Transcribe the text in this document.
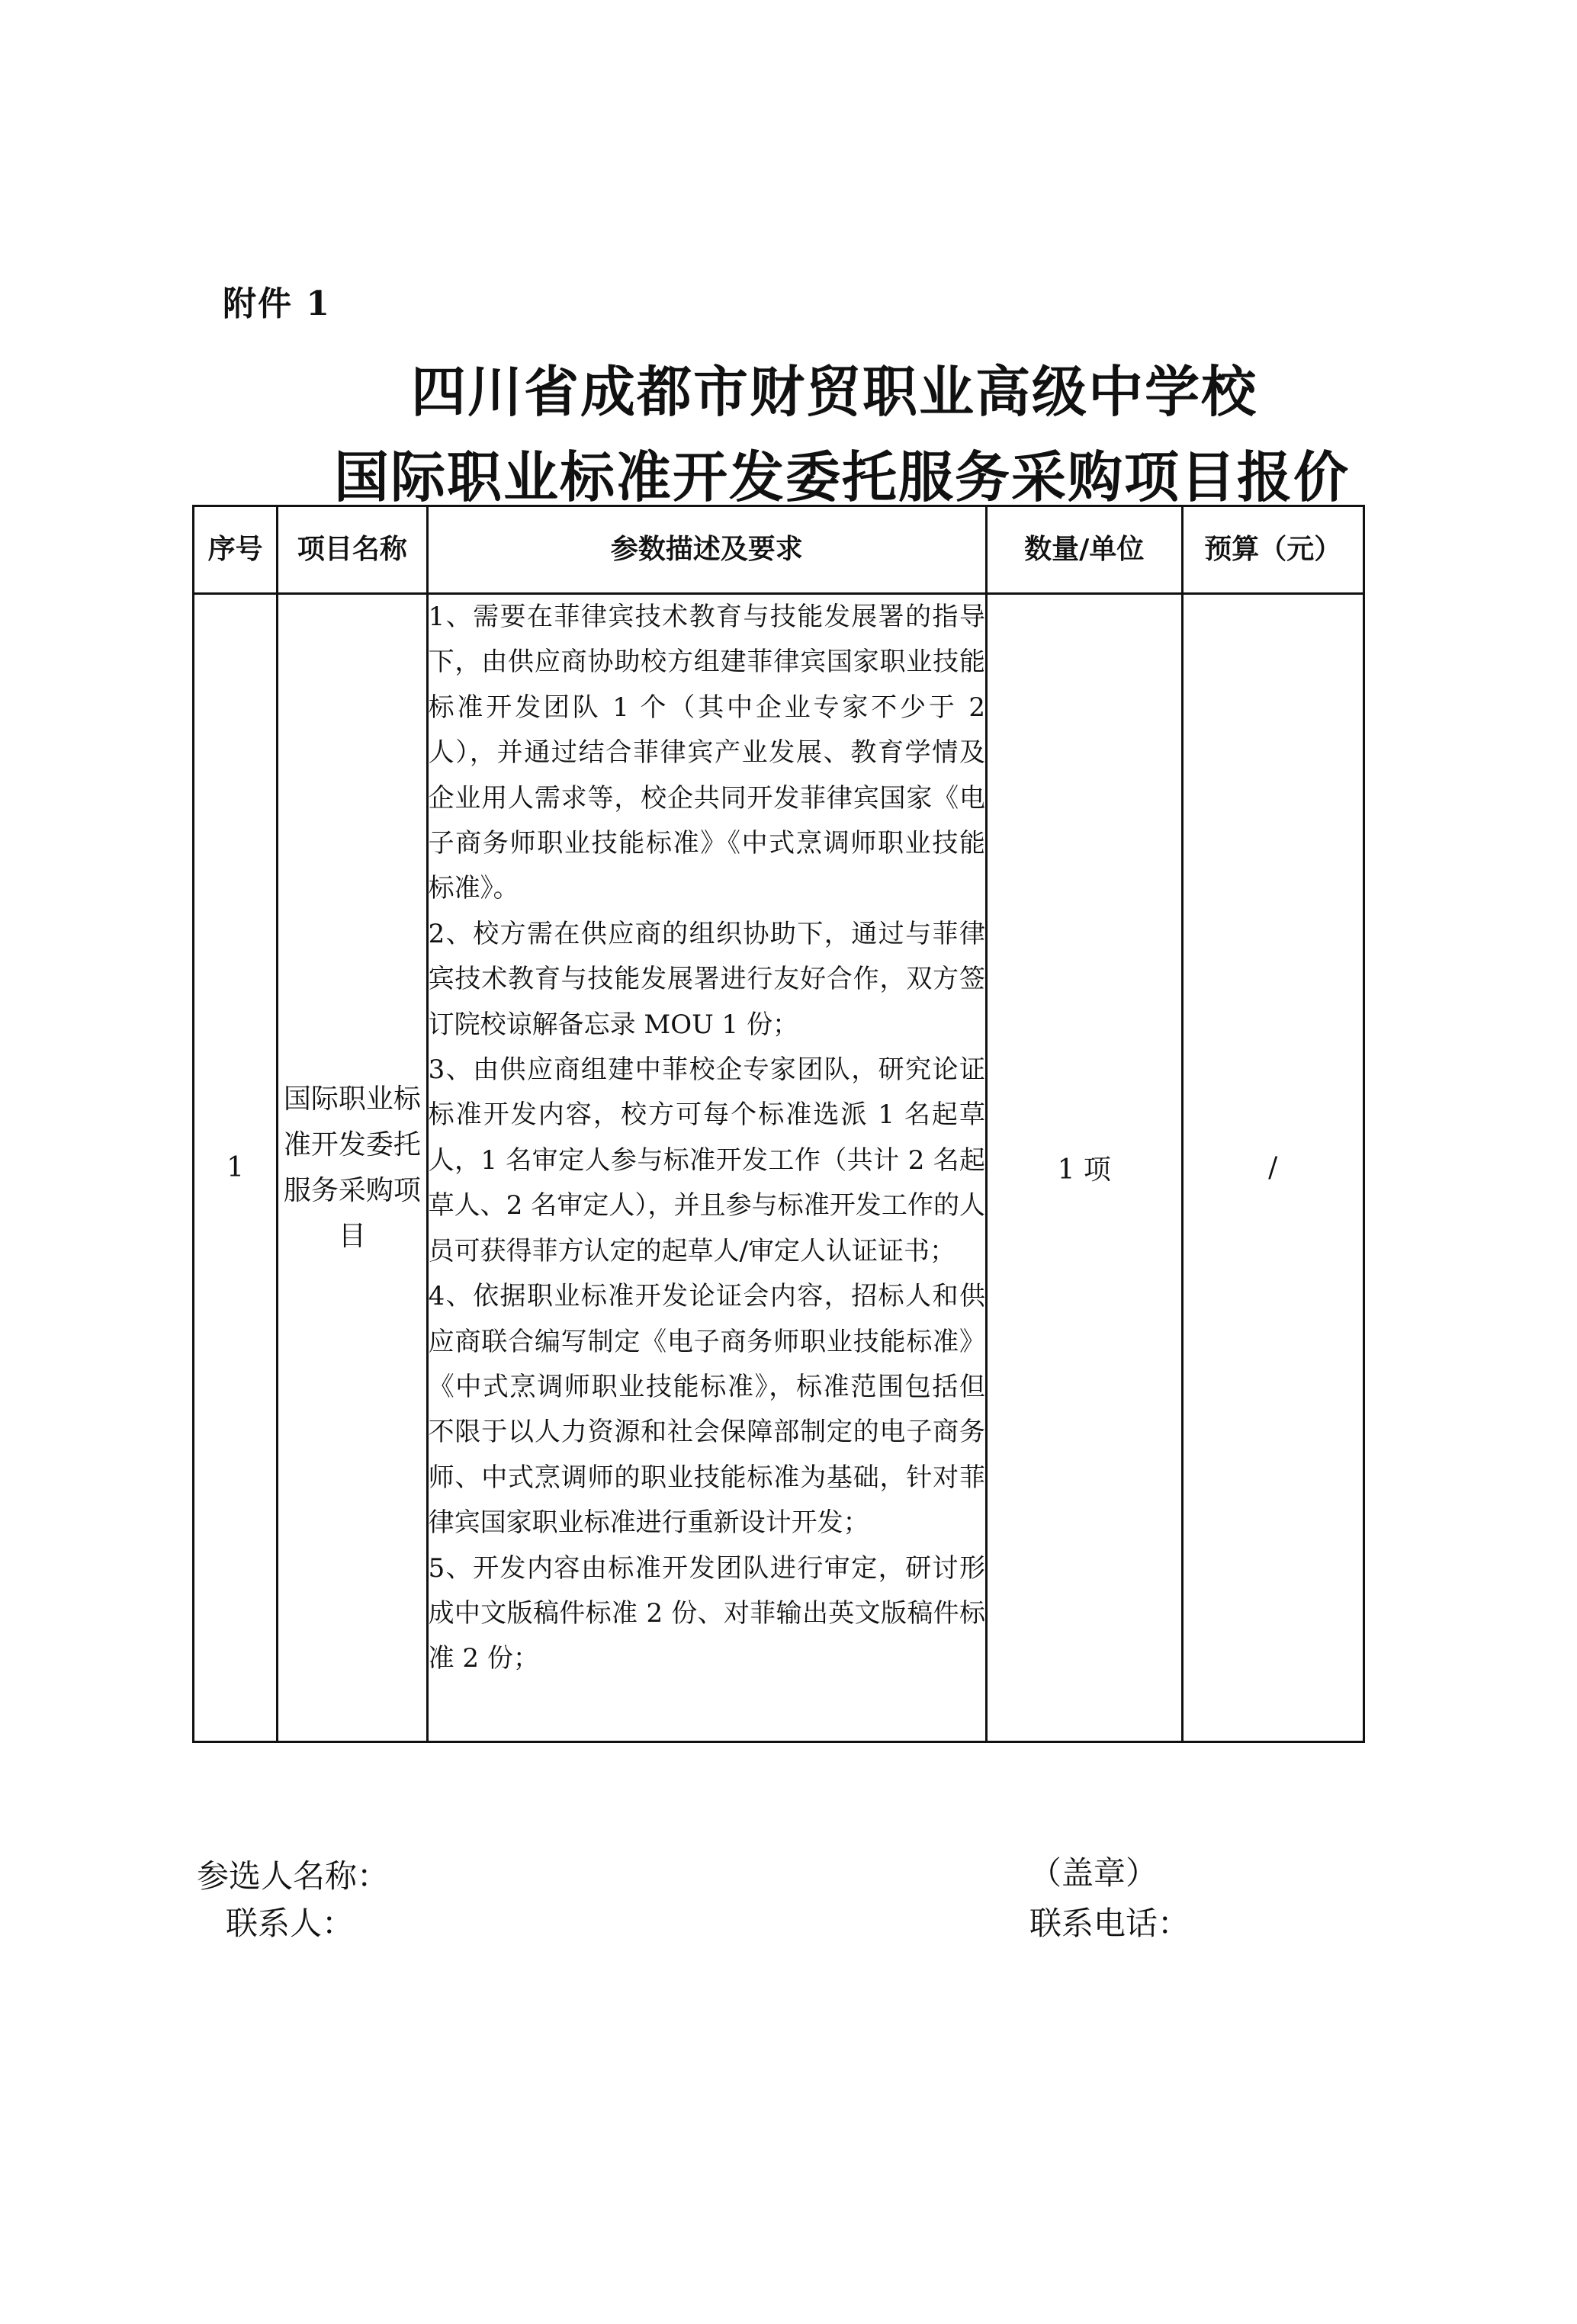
附件 1
四川省成都市财贸职业高级中学校
国际职业标准开发委托服务采购项目报价
序号	项目名称	参数描述及要求	数量/单位	预算（元）
1	国际职业标准开发委托服务采购项目	1、需要在菲律宾技术教育与技能发展署的指导下，由供应商协助校方组建菲律宾国家职业技能标准开发团队 1 个（其中企业专家不少于 2 人），并通过结合菲律宾产业发展、教育学情及企业用人需求等，校企共同开发菲律宾国家《电子商务师职业技能标准》《中式烹调师职业技能标准》。

2、校方需在供应商的组织协助下，通过与菲律宾技术教育与技能发展署进行友好合作，双方签订院校谅解备忘录 MOU 1 份；

3、由供应商组建中菲校企专家团队，研究论证标准开发内容，校方可每个标准选派 1 名起草人，1 名审定人参与标准开发工作（共计 2 名起草人、2 名审定人），并且参与标准开发工作的人员可获得菲方认定的起草人/审定人认证证书；

4、依据职业标准开发论证会内容，招标人和供应商联合编写制定《电子商务师职业技能标准》《中式烹调师职业技能标准》，标准范围包括但不限于以人力资源和社会保障部制定的电子商务师、中式烹调师的职业技能标准为基础，针对菲律宾国家职业标准进行重新设计开发；

5、开发内容由标准开发团队进行审定，研讨形成中文版稿件标准 2 份、对菲输出英文版稿件标准 2 份；	1 项	/
参选人名称：
联系人：
（盖章）
联系电话：
